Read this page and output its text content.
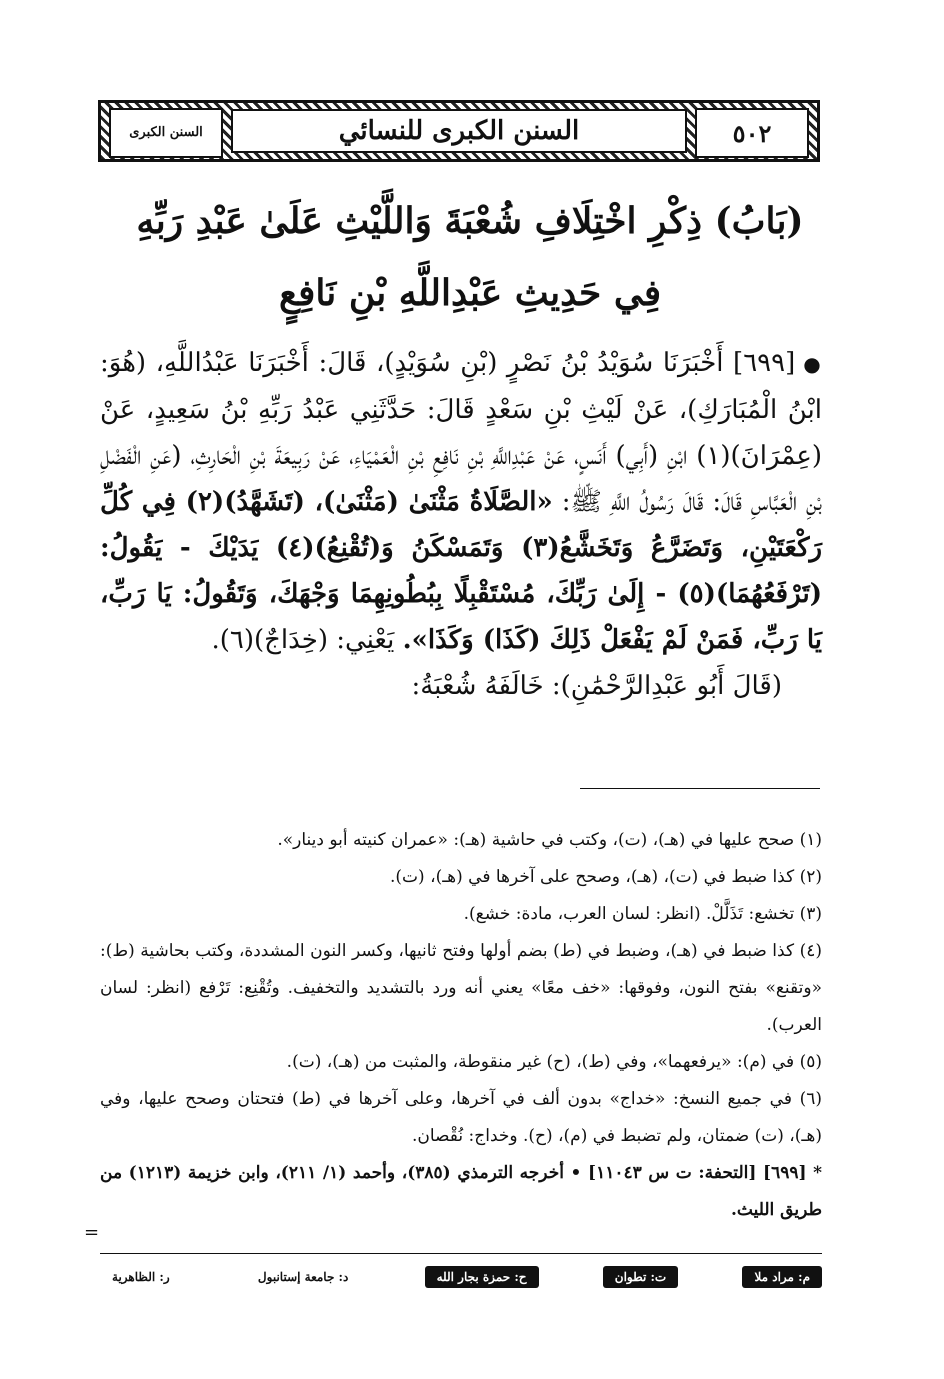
٥٠٢
السنن الكبرى للنسائي
السنن الكبرى
(بَابُ) ذِكْرِ اخْتِلَافِ شُعْبَةَ وَاللَّيْثِ عَلَىٰ عَبْدِ رَبِّهِ
فِي حَدِيثِ عَبْدِاللَّهِ بْنِ نَافِعٍ

●[٦٩٩] أَخْبَرَنَا سُوَيْدُ بْنُ نَصْرٍ (بْنِ سُوَيْدٍ)، قَالَ: أَخْبَرَنَا عَبْدُاللَّهِ، (هُوَ: ابْنُ الْمُبَارَكِ)، عَنْ لَيْثِ بْنِ سَعْدٍ قَالَ: حَدَّثَنِي عَبْدُ رَبِّهِ بْنُ سَعِيدٍ، عَنْ (عِمْرَانَ)(١) ابْنِ (أَبِي) أَنَسٍ، عَنْ عَبْدِاللَّهِ بْنِ نَافِعِ بْنِ الْعَمْيَاءِ، عَنْ رَبِيعَةَ بْنِ الْحَارِثِ، (عَنِ الْفَضْلِ بْنِ الْعَبَّاسِ قَالَ: قَالَ رَسُولُ اللَّهِ ﷺ: «الصَّلَاةُ مَثْنَىٰ (مَثْنَىٰ)، (تَشَهَّدُ)(٢) فِي كُلِّ رَكْعَتَيْنِ، وَتَضَرَّعُ وَتَخَشَّعُ(٣) وَتَمَسْكَنُ وَ(تُقْنِعُ)(٤) يَدَيْكَ - يَقُولُ: (تَرْفَعُهُمَا)(٥) - إِلَىٰ رَبِّكَ، مُسْتَقْبِلًا بِبُطُونِهِمَا وَجْهَكَ، وَتَقُولُ: يَا رَبِّ، يَا رَبِّ، فَمَنْ لَمْ يَفْعَلْ ذَلِكَ (كَذَا) وَكَذَا». يَعْنِي: (خِدَاجٌ)(٦).

(قَالَ أَبُو عَبْدِالرَّحْمَٰنِ): خَالَفَهُ شُعْبَةُ:

(١) صحح عليها في (هـ)، (ت)، وكتب في حاشية (هـ): «عمران كنيته أبو دينار».

(٢) كذا ضبط في (ت)، (هـ)، وصحح على آخرها في (هـ)، (ت).

(٣) تخشع: تَذَلَّلْ. (انظر: لسان العرب، مادة: خشع).

(٤) كذا ضبط في (هـ)، وضبط في (ط) بضم أولها وفتح ثانيها، وكسر النون المشددة، وكتب بحاشية (ط): «وتقنع» بفتح النون، وفوقها: «خف معًا» يعني أنه ورد بالتشديد والتخفيف. وتُقْنِع: تَرْفع (انظر: لسان العرب).

(٥) في (م): «يرفعهما»، وفي (ط)، (ح) غير منقوطة، والمثبت من (هـ)، (ت).

(٦) في جميع النسخ: «خداج» بدون ألف في آخرها، وعلى آخرها في (ط) فتحتان وصحح عليها، وفي (هـ)، (ت) ضمتان، ولم تضبط في (م)، (ح). وخداج: نُقْصان.

* [٦٩٩] [التحفة: ت س ١١٠٤٣] • أخرجه الترمذي (٣٨٥)، وأحمد (١/ ٢١١)، وابن خزيمة (١٢١٣) من طريق الليث.

=
م: مراد ملا
ت: تطوان
ح: حمزة بجار الله
د: جامعة إستانبول
ر: الظاهرية
